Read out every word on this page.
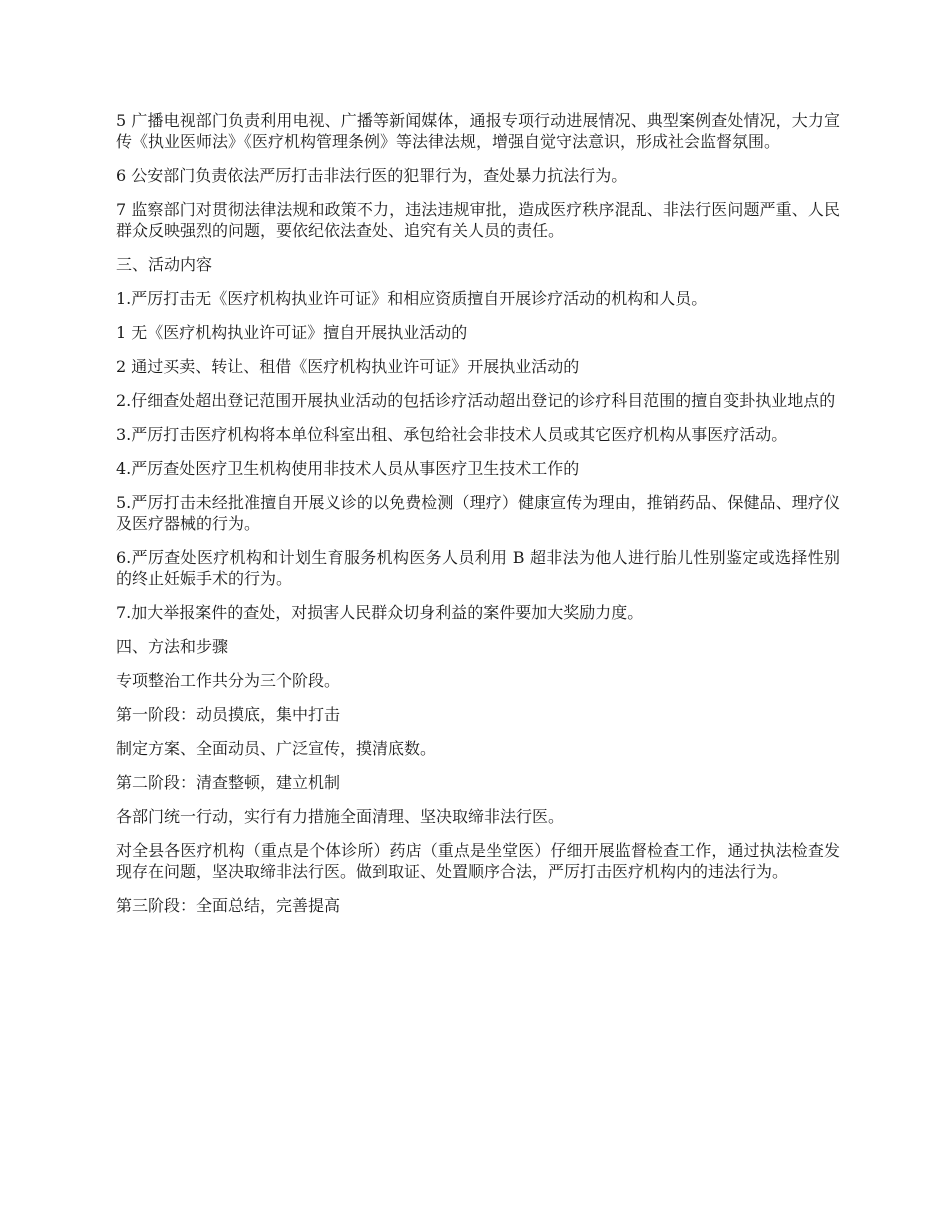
5 广播电视部门负责利用电视、广播等新闻媒体，通报专项行动进展情况、典型案例查处情况，大力宣传《执业医师法》《医疗机构管理条例》等法律法规，增强自觉守法意识，形成社会监督氛围。

6 公安部门负责依法严厉打击非法行医的犯罪行为，查处暴力抗法行为。

7 监察部门对贯彻法律法规和政策不力，违法违规审批，造成医疗秩序混乱、非法行医问题严重、人民群众反映强烈的问题，要依纪依法查处、追究有关人员的责任。

三、活动内容

1.严厉打击无《医疗机构执业许可证》和相应资质擅自开展诊疗活动的机构和人员。

1 无《医疗机构执业许可证》擅自开展执业活动的

2 通过买卖、转让、租借《医疗机构执业许可证》开展执业活动的

2.仔细查处超出登记范围开展执业活动的包括诊疗活动超出登记的诊疗科目范围的擅自变卦执业地点的

3.严厉打击医疗机构将本单位科室出租、承包给社会非技术人员或其它医疗机构从事医疗活动。

4.严厉查处医疗卫生机构使用非技术人员从事医疗卫生技术工作的

5.严厉打击未经批准擅自开展义诊的以免费检测（理疗）健康宣传为理由，推销药品、保健品、理疗仪及医疗器械的行为。

6.严厉查处医疗机构和计划生育服务机构医务人员利用 B 超非法为他人进行胎儿性别鉴定或选择性别的终止妊娠手术的行为。

7.加大举报案件的查处，对损害人民群众切身利益的案件要加大奖励力度。

四、方法和步骤

专项整治工作共分为三个阶段。

第一阶段：动员摸底，集中打击

制定方案、全面动员、广泛宣传，摸清底数。

第二阶段：清查整顿，建立机制

各部门统一行动，实行有力措施全面清理、坚决取缔非法行医。

对全县各医疗机构（重点是个体诊所）药店（重点是坐堂医）仔细开展监督检查工作，通过执法检查发现存在问题，坚决取缔非法行医。做到取证、处置顺序合法，严厉打击医疗机构内的违法行为。

第三阶段：全面总结，完善提高
